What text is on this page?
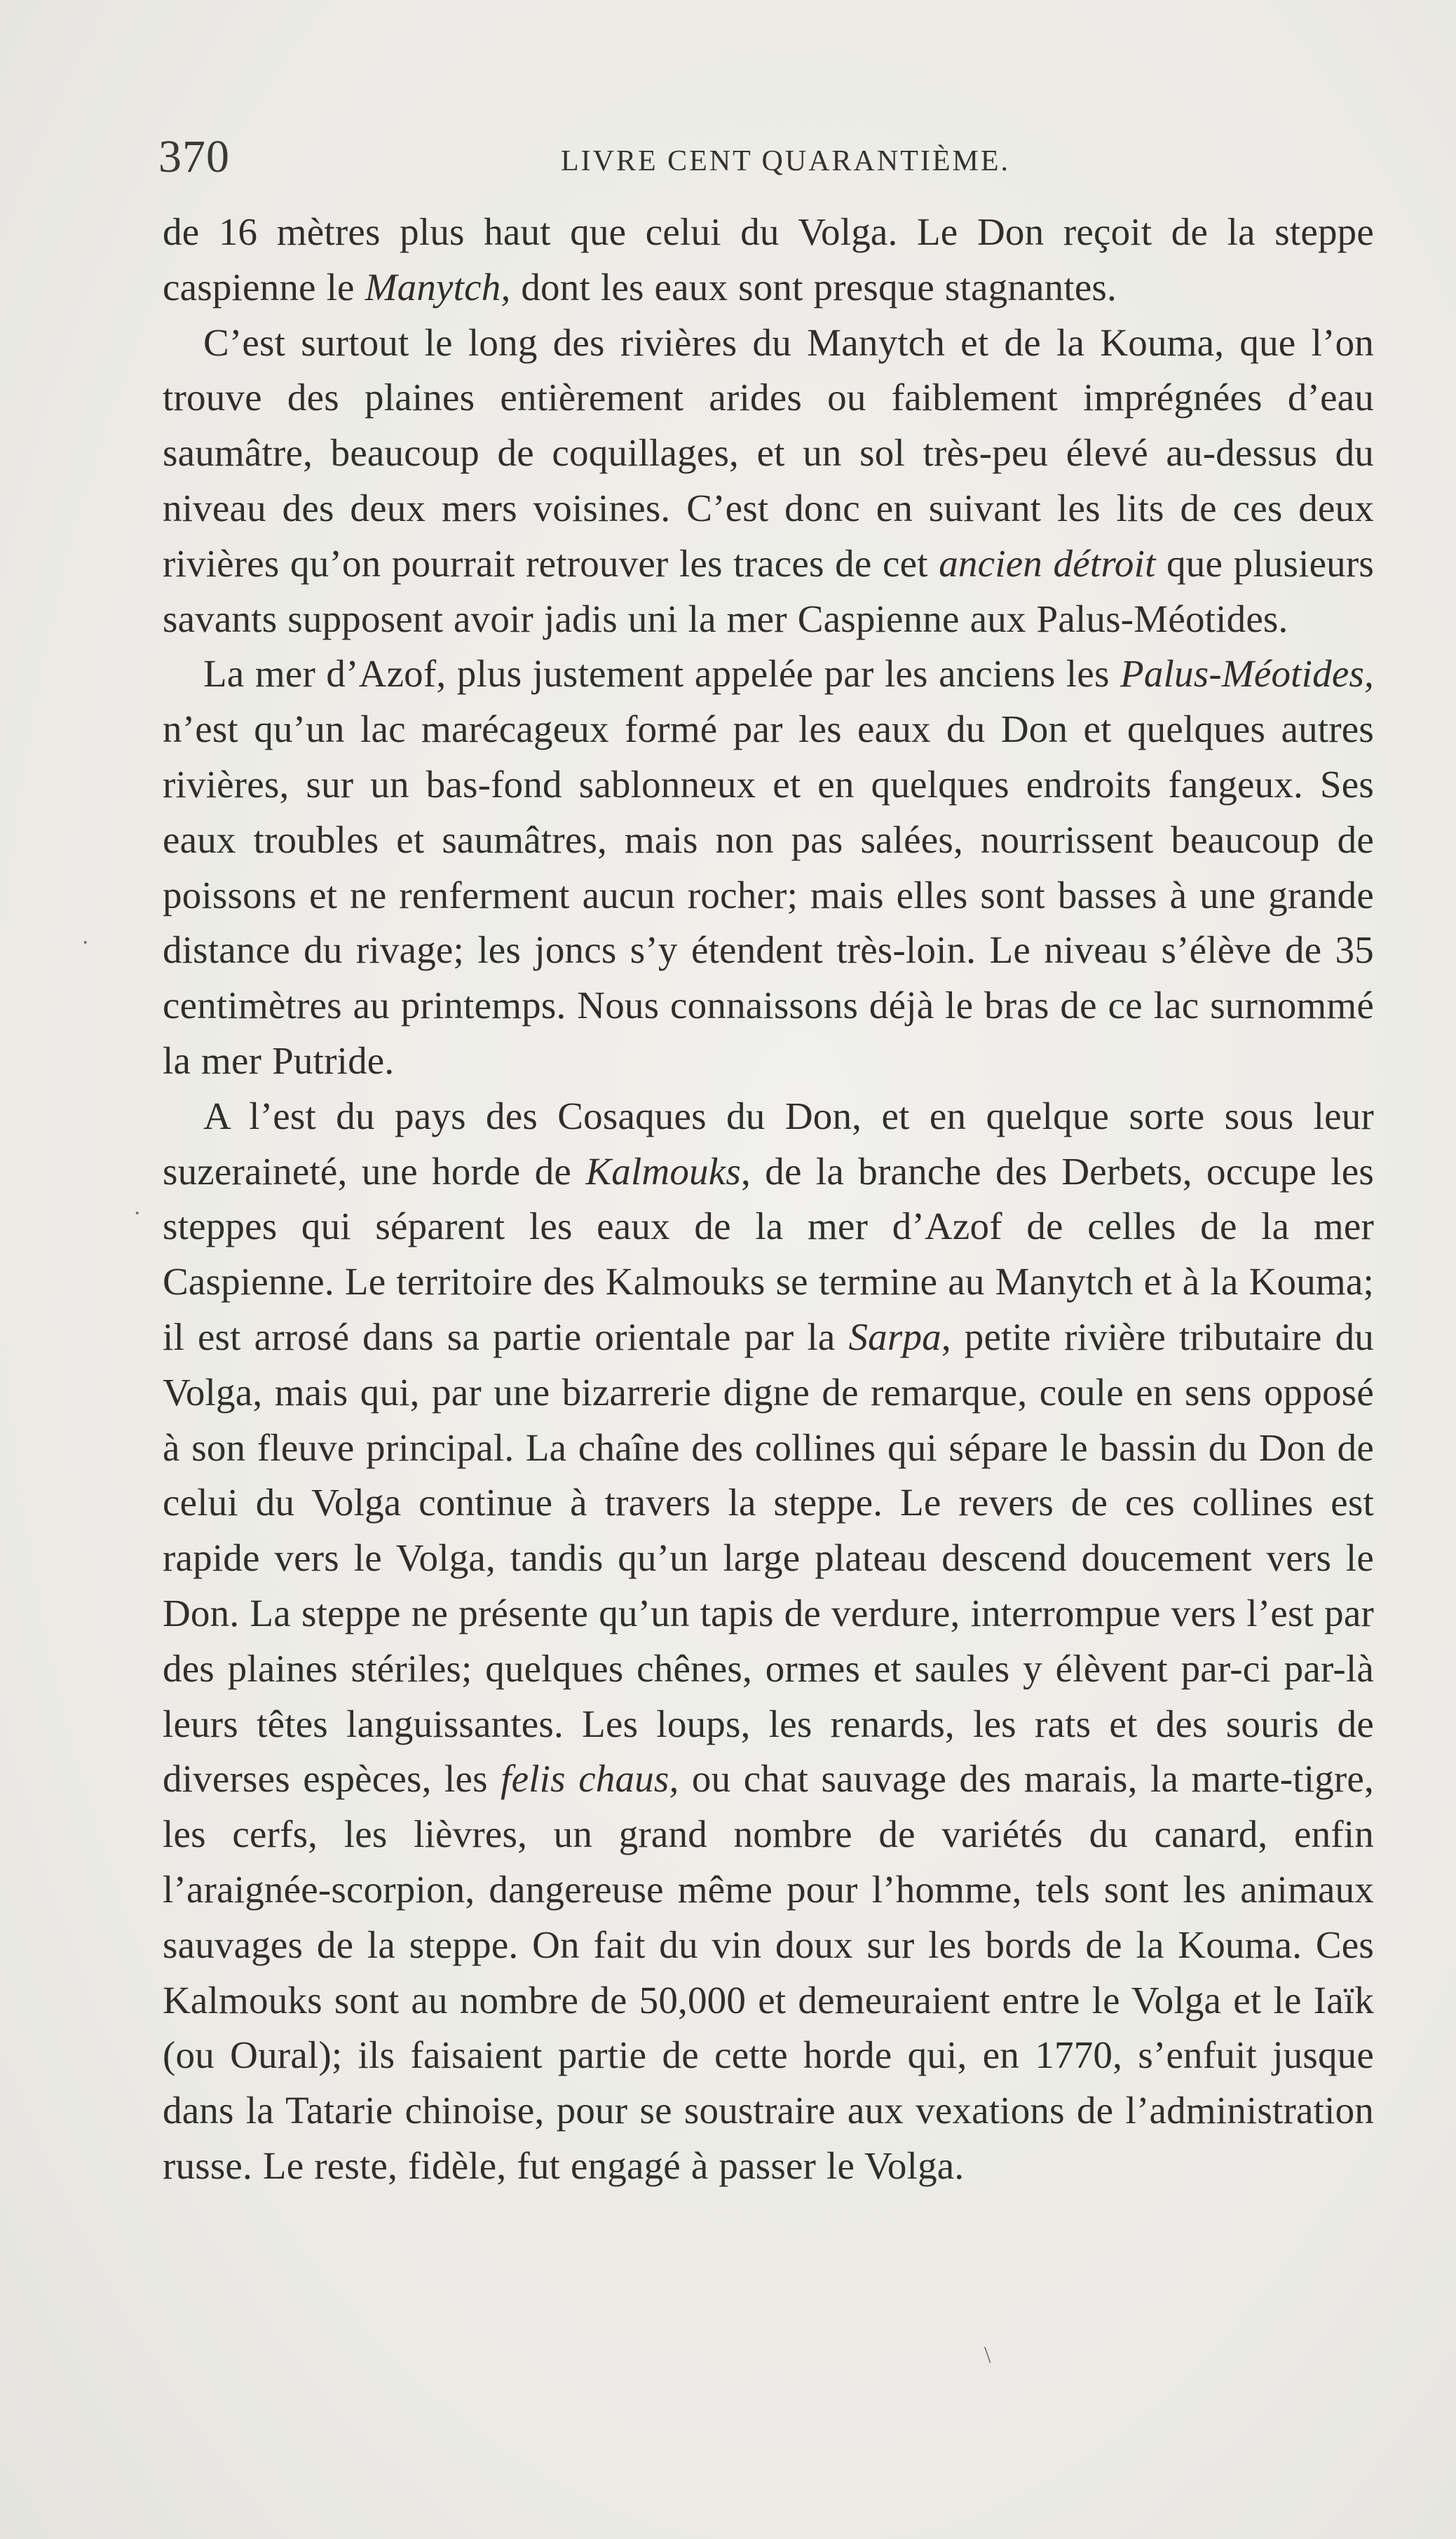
370	LIVRE CENT QUARANTIÈME.

de 16 mètres plus haut que celui du Volga. Le Don reçoit de la steppe caspienne le Manytch, dont les eaux sont presque stagnantes.

C’est surtout le long des rivières du Manytch et de la Kouma, que l’on trouve des plaines entièrement arides ou faiblement imprégnées d’eau saumâtre, beaucoup de coquillages, et un sol très-peu élevé au-dessus du niveau des deux mers voisines. C’est donc en suivant les lits de ces deux rivières qu’on pourrait retrouver les traces de cet ancien détroit que plusieurs savants supposent avoir jadis uni la mer Caspienne aux Palus-Méotides.

La mer d’Azof, plus justement appelée par les anciens les Palus-Méotides, n’est qu’un lac marécageux formé par les eaux du Don et quelques autres rivières, sur un bas-fond sablonneux et en quelques endroits fangeux. Ses eaux troubles et saumâtres, mais non pas salées, nourrissent beaucoup de poissons et ne renferment aucun rocher; mais elles sont basses à une grande distance du rivage; les joncs s’y étendent très-loin. Le niveau s’élève de 35 centimètres au printemps. Nous connaissons déjà le bras de ce lac surnommé la mer Putride.

A l’est du pays des Cosaques du Don, et en quelque sorte sous leur suzeraineté, une horde de Kalmouks, de la branche des Derbets, occupe les steppes qui séparent les eaux de la mer d’Azof de celles de la mer Caspienne. Le territoire des Kalmouks se termine au Manytch et à la Kouma; il est arrosé dans sa partie orientale par la Sarpa, petite rivière tributaire du Volga, mais qui, par une bizarrerie digne de remarque, coule en sens opposé à son fleuve principal. La chaîne des collines qui sépare le bassin du Don de celui du Volga continue à travers la steppe. Le revers de ces collines est rapide vers le Volga, tandis qu’un large plateau descend doucement vers le Don. La steppe ne présente qu’un tapis de verdure, interrompue vers l’est par des plaines stériles; quelques chênes, ormes et saules y élèvent par-ci par-là leurs têtes languissantes. Les loups, les renards, les rats et des souris de diverses espèces, les felis chaus, ou chat sauvage des marais, la marte-tigre, les cerfs, les lièvres, un grand nombre de variétés du canard, enfin l’araignée-scorpion, dangereuse même pour l’homme, tels sont les animaux sauvages de la steppe. On fait du vin doux sur les bords de la Kouma. Ces Kalmouks sont au nombre de 50,000 et demeuraient entre le Volga et le Iaïk (ou Oural); ils faisaient partie de cette horde qui, en 1770, s’enfuit jusque dans la Tatarie chinoise, pour se soustraire aux vexations de l’administration russe. Le reste, fidèle, fut engagé à passer le Volga.

·
·
\
